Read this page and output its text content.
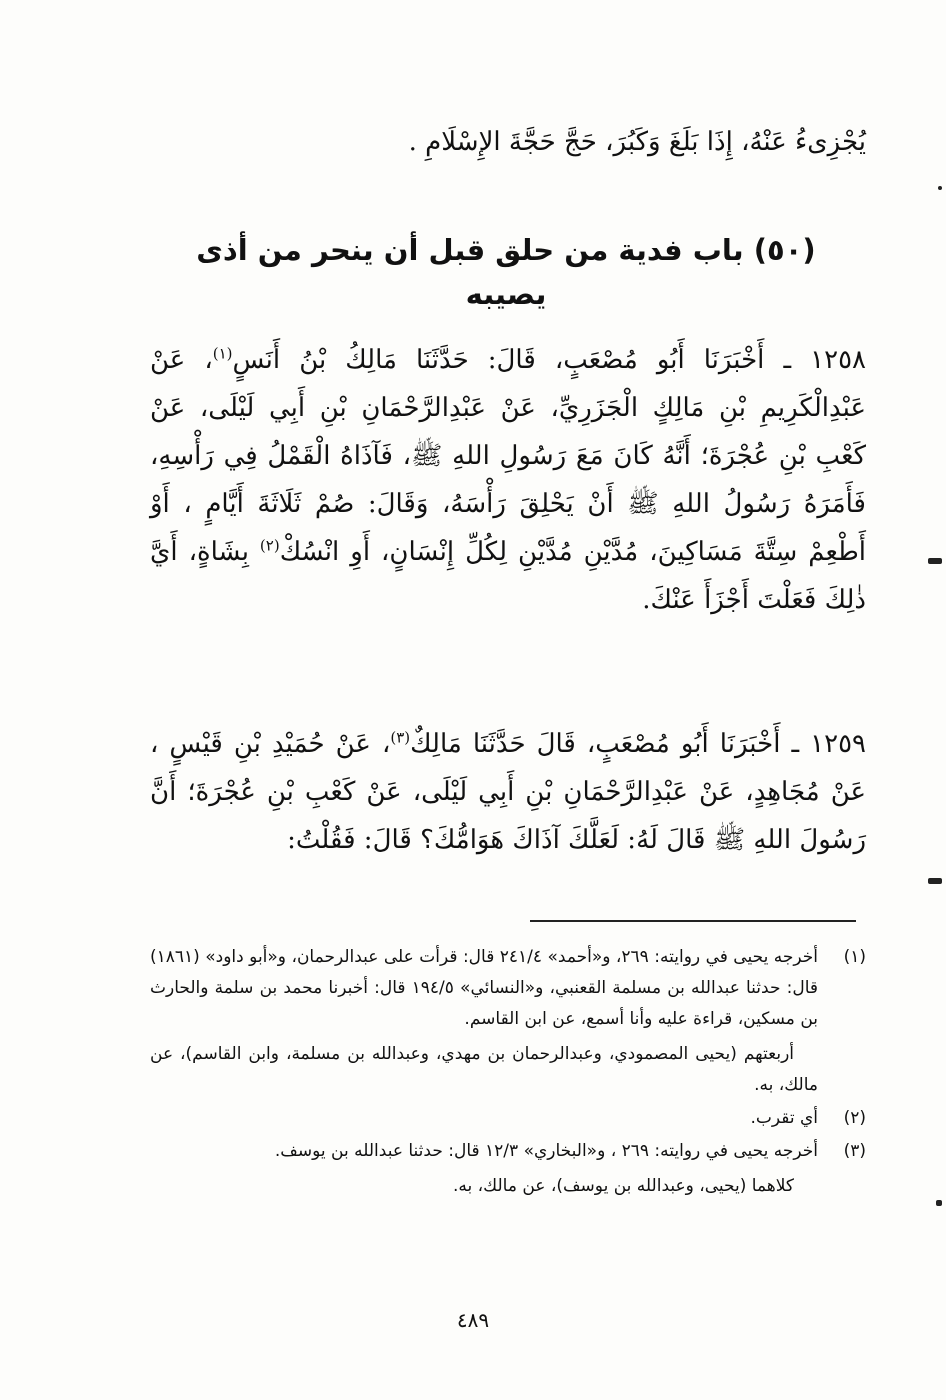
يُجْزِىءُ عَنْهُ، إِذَا بَلَغَ وَكَبُرَ، حَجَّ حَجَّةَ الإِسْلَامِ .

(٥٠) باب فدية من حلق قبل أن ينحر من أذى يصيبه

١٢٥٨ ـ أَخْبَرَنَا أَبُو مُصْعَبٍ، قَالَ: حَدَّثَنَا مَالِكُ بْنُ أَنَسٍ$^{(١)}$، عَنْ عَبْدِالْكَرِيمِ بْنِ مَالِكٍ الْجَزَرِيِّ، عَنْ عَبْدِالرَّحْمَانِ بْنِ أَبِي لَيْلَى، عَنْ كَعْبِ بْنِ عُجْرَةَ؛ أَنَّهُ كَانَ مَعَ رَسُولِ اللهِ ﷺ، فَآذَاهُ الْقَمْلُ فِي رَأْسِهِ، فَأَمَرَهُ رَسُولُ اللهِ ﷺ أَنْ يَحْلِقَ رَأْسَهُ، وَقَالَ: صُمْ ثَلَاثَةَ أَيَّامٍ ، أَوْ أَطْعِمْ سِتَّةَ مَسَاكِينَ، مُدَّيْنِ مُدَّيْنِ لِكُلِّ إِنْسَانٍ، أَوِ انْسُكْ$^{(٢)}$ بِشَاةٍ، أَيَّ ذٰلِكَ فَعَلْتَ أَجْزَأَ عَنْكَ.

١٢٥٩ ـ أَخْبَرَنَا أَبُو مُصْعَبٍ، قَالَ حَدَّثَنَا مَالِكٌ$^{(٣)}$، عَنْ حُمَيْدِ بْنِ قَيْسٍ ، عَنْ مُجَاهِدٍ، عَنْ عَبْدِالرَّحْمَانِ بْنِ أَبِي لَيْلَى، عَنْ كَعْبِ بْنِ عُجْرَةَ؛ أَنَّ رَسُولَ اللهِ ﷺ قَالَ لَهُ: لَعَلَّكَ آذَاكَ هَوَامُّكَ؟ قَالَ: فَقُلْتُ:

(١)

أخرجه يحيى في روايته: ٢٦٩، و«أحمد» ٢٤١/٤ قال: قرأت على عبدالرحمان، و«أبو داود» (١٨٦١) قال: حدثنا عبدالله بن مسلمة القعنبي، و«النسائي» ١٩٤/٥ قال: أخبرنا محمد بن سلمة والحارث بن مسكين، قراءة عليه وأنا أسمع، عن ابن القاسم.

أربعتهم (يحيى المصمودي، وعبدالرحمان بن مهدي، وعبدالله بن مسلمة، وابن القاسم)، عن مالك، به.

(٢)

أي تقرب.

(٣)

أخرجه يحيى في روايته: ٢٦٩ ، و«البخاري» ١٢/٣ قال: حدثنا عبدالله بن يوسف.

كلاهما (يحيى، وعبدالله بن يوسف)، عن مالك، به.

٤٨٩
